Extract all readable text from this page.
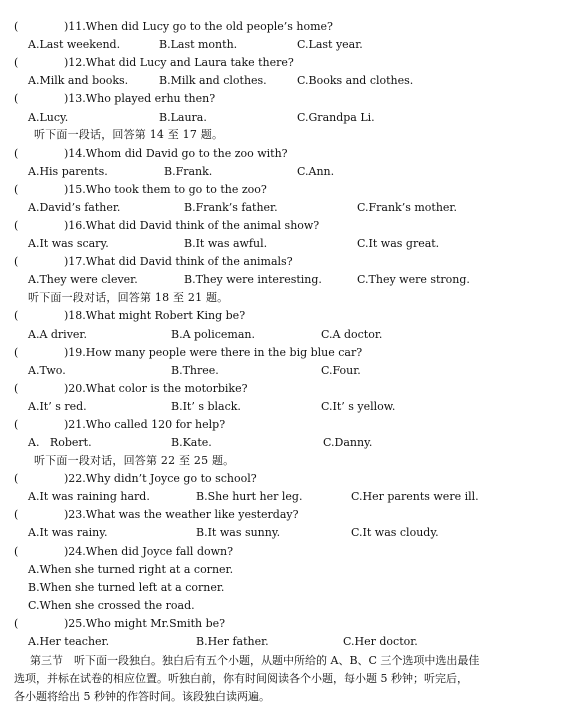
(	)11.When did Lucy go to the old people’s home?
A.Last weekend.	B.Last month.	C.Last year.
(	)12.What did Lucy and Laura take there?
A.Milk and books.	B.Milk and clothes.	C.Books and clothes.
(	)13.Who played erhu then?
A.Lucy.	B.Laura.	C.Grandpa Li.
听下面一段话，回答第 14 至 17 题。
(	)14.Whom did David go to the zoo with?
A.His parents.	B.Frank.	C.Ann.
(	)15.Who took them to go to the zoo?
A.David’s father.	B.Frank’s father.	C.Frank’s mother.
(	)16.What did David think of the animal show?
A.It was scary.	B.It was awful.	C.It was great.
(	)17.What did David think of the animals?
A.They were clever.	B.They were interesting.	C.They were strong.
听下面一段对话，回答第 18 至 21 题。
(	)18.What might Robert King be?
A.A driver.	B.A policeman.	C.A doctor.
(	)19.How many people were there in the big blue car?
A.Two.	B.Three.	C.Four.
(	)20.What color is the motorbike?
A.It’ s red.	B.It’ s black.	C.It’ s yellow.
(	)21.Who called 120 for help?
A.   Robert.	B.Kate.	C.Danny.
听下面一段对话，回答第 22 至 25 题。
(	)22.Why didn’t Joyce go to school?
A.It was raining hard.	B.She hurt her leg.	C.Her parents were ill.
(	)23.What was the weather like yesterday?
A.It was rainy.	B.It was sunny.	C.It was cloudy.
(	)24.When did Joyce fall down?
A.When she turned right at a corner.
B.When she turned left at a corner.
C.When she crossed the road.
(	)25.Who might Mr.Smith be?
A.Her teacher.	B.Her father.	C.Her doctor.
第三节　听下面一段独白。独白后有五个小题，从题中所给的 A、B、C 三个选项中选出最佳
选项，并标在试卷的相应位置。听独白前，你有时间阅读各个小题，每小题 5 秒钟；听完后，
各小题将给出 5 秒钟的作答时间。该段独白读两遍。
